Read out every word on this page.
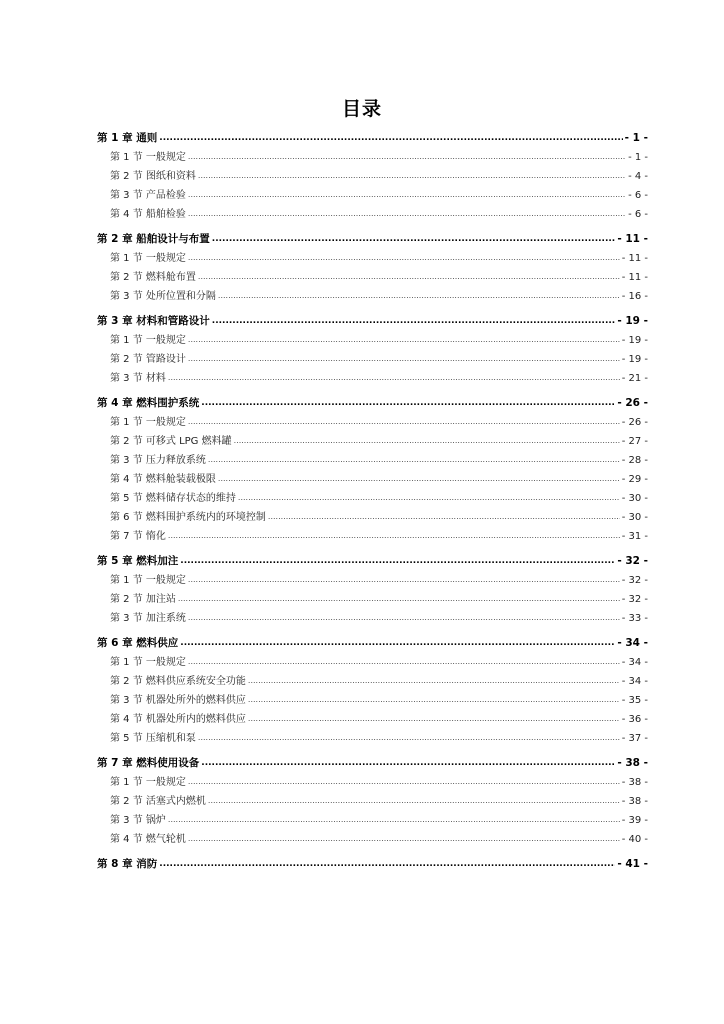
目录
第 1 章 通则 .....	- 1 -
第 1 节 一般规定 .....	- 1 -
第 2 节 图纸和资料 .....	- 4 -
第 3 节 产品检验 .....	- 6 -
第 4 节 船舶检验 .....	- 6 -
第 2 章 船舶设计与布置 .....	- 11 -
第 1 节 一般规定 .....	- 11 -
第 2 节 燃料舱布置 .....	- 11 -
第 3 节 处所位置和分隔 .....	- 16 -
第 3 章 材料和管路设计 .....	- 19 -
第 1 节 一般规定 .....	- 19 -
第 2 节 管路设计 .....	- 19 -
第 3 节 材料 .....	- 21 -
第 4 章 燃料围护系统 .....	- 26 -
第 1 节 一般规定 .....	- 26 -
第 2 节 可移式 LPG 燃料罐 .....	- 27 -
第 3 节 压力释放系统 .....	- 28 -
第 4 节 燃料舱装载极限 .....	- 29 -
第 5 节 燃料储存状态的维持 .....	- 30 -
第 6 节 燃料围护系统内的环境控制 .....	- 30 -
第 7 节 惰化 .....	- 31 -
第 5 章 燃料加注 .....	- 32 -
第 1 节 一般规定 .....	- 32 -
第 2 节 加注站 .....	- 32 -
第 3 节 加注系统 .....	- 33 -
第 6 章 燃料供应 .....	- 34 -
第 1 节 一般规定 .....	- 34 -
第 2 节 燃料供应系统安全功能 .....	- 34 -
第 3 节 机器处所外的燃料供应 .....	- 35 -
第 4 节 机器处所内的燃料供应 .....	- 36 -
第 5 节 压缩机和泵 .....	- 37 -
第 7 章 燃料使用设备 .....	- 38 -
第 1 节 一般规定 .....	- 38 -
第 2 节 活塞式内燃机 .....	- 38 -
第 3 节 锅炉 .....	- 39 -
第 4 节 燃气轮机 .....	- 40 -
第 8 章 消防 .....	- 41 -
